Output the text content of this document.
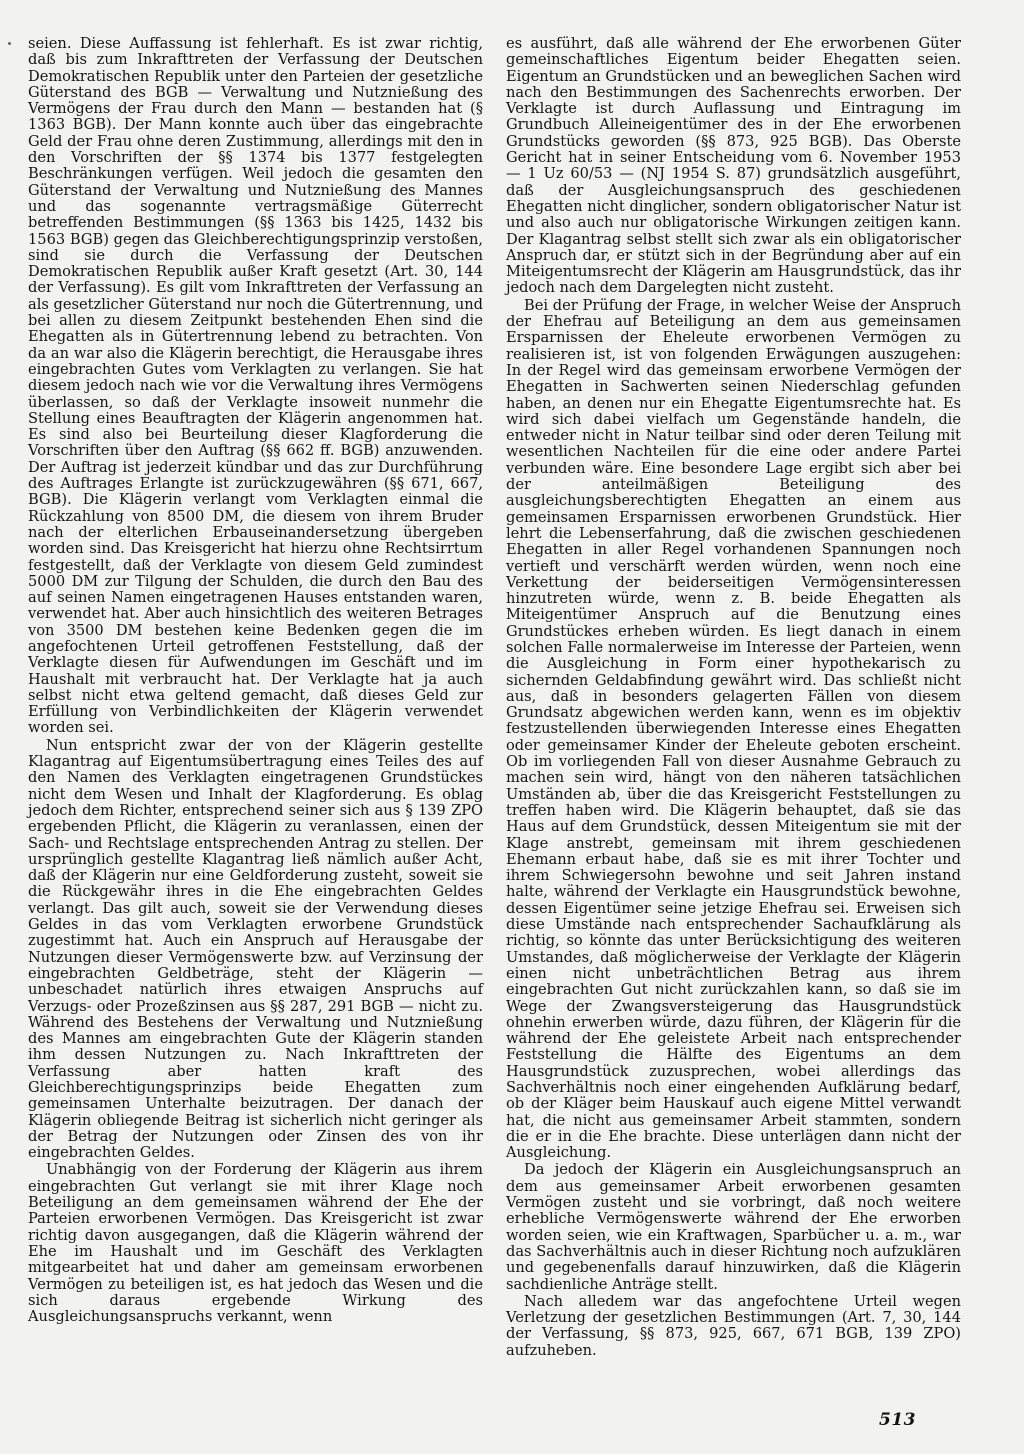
seien. Diese Auffassung ist fehlerhaft. Es ist zwar richtig, daß bis zum Inkrafttreten der Verfassung der Deutschen Demokratischen Republik unter den Parteien der gesetzliche Güterstand des BGB — Verwaltung und Nutznießung des Vermögens der Frau durch den Mann — bestanden hat (§ 1363 BGB). Der Mann konnte auch über das eingebrachte Geld der Frau ohne deren Zustimmung, allerdings mit den in den Vorschriften der §§ 1374 bis 1377 festgelegten Beschränkungen verfügen. Weil jedoch die gesamten den Güterstand der Verwaltung und Nutznießung des Mannes und das sogenannte vertragsmäßige Güterrecht betreffenden Bestimmungen (§§ 1363 bis 1425, 1432 bis 1563 BGB) gegen das Gleichberechtigungsprinzip verstoßen, sind sie durch die Verfassung der Deutschen Demokratischen Republik außer Kraft gesetzt (Art. 30, 144 der Verfassung). Es gilt vom Inkrafttreten der Verfassung an als gesetzlicher Güterstand nur noch die Gütertrennung, und bei allen zu diesem Zeitpunkt bestehenden Ehen sind die Ehegatten als in Gütertrennung lebend zu betrachten. Von da an war also die Klägerin berechtigt, die Herausgabe ihres eingebrachten Gutes vom Verklagten zu verlangen. Sie hat diesem jedoch nach wie vor die Verwaltung ihres Vermögens überlassen, so daß der Verklagte insoweit nunmehr die Stellung eines Beauftragten der Klägerin angenommen hat. Es sind also bei Beurteilung dieser Klagforderung die Vorschriften über den Auftrag (§§ 662 ff. BGB) anzuwenden. Der Auftrag ist jederzeit kündbar und das zur Durchführung des Auftrages Erlangte ist zurückzugewähren (§§ 671, 667, BGB). Die Klägerin verlangt vom Verklagten einmal die Rückzahlung von 8500 DM, die diesem von ihrem Bruder nach der elterlichen Erbauseinandersetzung übergeben worden sind. Das Kreisgericht hat hierzu ohne Rechtsirrtum festgestellt, daß der Verklagte von diesem Geld zumindest 5000 DM zur Tilgung der Schulden, die durch den Bau des auf seinen Namen eingetragenen Hauses entstanden waren, verwendet hat. Aber auch hinsichtlich des weiteren Betrages von 3500 DM bestehen keine Bedenken gegen die im angefochtenen Urteil getroffenen Feststellung, daß der Verklagte diesen für Aufwendungen im Geschäft und im Haushalt mit verbraucht hat. Der Verklagte hat ja auch selbst nicht etwa geltend gemacht, daß dieses Geld zur Erfüllung von Verbindlichkeiten der Klägerin verwendet worden sei.

Nun entspricht zwar der von der Klägerin gestellte Klagantrag auf Eigentumsübertragung eines Teiles des auf den Namen des Verklagten eingetragenen Grundstückes nicht dem Wesen und Inhalt der Klagforderung. Es oblag jedoch dem Richter, entsprechend seiner sich aus § 139 ZPO ergebenden Pflicht, die Klägerin zu veranlassen, einen der Sach- und Rechtslage entsprechenden Antrag zu stellen. Der ursprünglich gestellte Klagantrag ließ nämlich außer Acht, daß der Klägerin nur eine Geldforderung zusteht, soweit sie die Rückgewähr ihres in die Ehe eingebrachten Geldes verlangt. Das gilt auch, soweit sie der Verwendung dieses Geldes in das vom Verklagten erworbene Grundstück zugestimmt hat. Auch ein Anspruch auf Herausgabe der Nutzungen dieser Vermögenswerte bzw. auf Verzinsung der eingebrachten Geldbeträge, steht der Klägerin — unbeschadet natürlich ihres etwaigen Anspruchs auf Verzugs- oder Prozeßzinsen aus §§ 287, 291 BGB — nicht zu. Während des Bestehens der Verwaltung und Nutznießung des Mannes am eingebrachten Gute der Klägerin standen ihm dessen Nutzungen zu. Nach Inkrafttreten der Verfassung aber hatten kraft des Gleichberechtigungsprinzips beide Ehegatten zum gemeinsamen Unterhalte beizutragen. Der danach der Klägerin obliegende Beitrag ist sicherlich nicht geringer als der Betrag der Nutzungen oder Zinsen des von ihr eingebrachten Geldes.

Unabhängig von der Forderung der Klägerin aus ihrem eingebrachten Gut verlangt sie mit ihrer Klage noch Beteiligung an dem gemeinsamen während der Ehe der Parteien erworbenen Vermögen. Das Kreisgericht ist zwar richtig davon ausgegangen, daß die Klägerin während der Ehe im Haushalt und im Geschäft des Verklagten mitgearbeitet hat und daher am gemeinsam erworbenen Vermögen zu beteiligen ist, es hat jedoch das Wesen und die sich daraus ergebende Wirkung des Ausgleichungsanspruchs verkannt, wenn

es ausführt, daß alle während der Ehe erworbenen Güter gemeinschaftliches Eigentum beider Ehegatten seien. Eigentum an Grundstücken und an beweglichen Sachen wird nach den Bestimmungen des Sachenrechts erworben. Der Verklagte ist durch Auflassung und Eintragung im Grundbuch Alleineigentümer des in der Ehe erworbenen Grundstücks geworden (§§ 873, 925 BGB). Das Oberste Gericht hat in seiner Entscheidung vom 6. November 1953 — 1 Uz 60/53 — (NJ 1954 S. 87) grundsätzlich ausgeführt, daß der Ausgleichungsanspruch des geschiedenen Ehegatten nicht dinglicher, sondern obligatorischer Natur ist und also auch nur obligatorische Wirkungen zeitigen kann. Der Klagantrag selbst stellt sich zwar als ein obligatorischer Anspruch dar, er stützt sich in der Begründung aber auf ein Miteigentumsrecht der Klägerin am Hausgrundstück, das ihr jedoch nach dem Dargelegten nicht zusteht.

Bei der Prüfung der Frage, in welcher Weise der Anspruch der Ehefrau auf Beteiligung an dem aus gemeinsamen Ersparnissen der Eheleute erworbenen Vermögen zu realisieren ist, ist von folgenden Erwägungen auszugehen: In der Regel wird das gemeinsam erworbene Vermögen der Ehegatten in Sachwerten seinen Niederschlag gefunden haben, an denen nur ein Ehegatte Eigentumsrechte hat. Es wird sich dabei vielfach um Gegenstände handeln, die entweder nicht in Natur teilbar sind oder deren Teilung mit wesentlichen Nachteilen für die eine oder andere Partei verbunden wäre. Eine besondere Lage ergibt sich aber bei der anteilmäßigen Beteiligung des ausgleichungsberechtigten Ehegatten an einem aus gemeinsamen Ersparnissen erworbenen Grundstück. Hier lehrt die Lebenserfahrung, daß die zwischen geschiedenen Ehegatten in aller Regel vorhandenen Spannungen noch vertieft und verschärft werden würden, wenn noch eine Verkettung der beiderseitigen Vermögensinteressen hinzutreten würde, wenn z. B. beide Ehegatten als Miteigentümer Anspruch auf die Benutzung eines Grundstückes erheben würden. Es liegt danach in einem solchen Falle normalerweise im Interesse der Parteien, wenn die Ausgleichung in Form einer hypothekarisch zu sichernden Geldabfindung gewährt wird. Das schließt nicht aus, daß in besonders gelagerten Fällen von diesem Grundsatz abgewichen werden kann, wenn es im objektiv festzustellenden überwiegenden Interesse eines Ehegatten oder gemeinsamer Kinder der Eheleute geboten erscheint. Ob im vorliegenden Fall von dieser Ausnahme Gebrauch zu machen sein wird, hängt von den näheren tatsächlichen Umständen ab, über die das Kreisgericht Feststellungen zu treffen haben wird. Die Klägerin behauptet, daß sie das Haus auf dem Grundstück, dessen Miteigentum sie mit der Klage anstrebt, gemeinsam mit ihrem geschiedenen Ehemann erbaut habe, daß sie es mit ihrer Tochter und ihrem Schwiegersohn bewohne und seit Jahren instand halte, während der Verklagte ein Hausgrundstück bewohne, dessen Eigentümer seine jetzige Ehefrau sei. Erweisen sich diese Umstände nach entsprechender Sachaufklärung als richtig, so könnte das unter Berücksichtigung des weiteren Umstandes, daß möglicherweise der Verklagte der Klägerin einen nicht unbeträchtlichen Betrag aus ihrem eingebrachten Gut nicht zurückzahlen kann, so daß sie im Wege der Zwangsversteigerung das Hausgrundstück ohnehin erwerben würde, dazu führen, der Klägerin für die während der Ehe geleistete Arbeit nach entsprechender Feststellung die Hälfte des Eigentums an dem Hausgrundstück zuzusprechen, wobei allerdings das Sachverhältnis noch einer eingehenden Aufklärung bedarf, ob der Kläger beim Hauskauf auch eigene Mittel verwandt hat, die nicht aus gemeinsamer Arbeit stammten, sondern die er in die Ehe brachte. Diese unterlägen dann nicht der Ausgleichung.

Da jedoch der Klägerin ein Ausgleichungsanspruch an dem aus gemeinsamer Arbeit erworbenen gesamten Vermögen zusteht und sie vorbringt, daß noch weitere erhebliche Vermögenswerte während der Ehe erworben worden seien, wie ein Kraftwagen, Sparbücher u. a. m., war das Sachverhältnis auch in dieser Richtung noch aufzuklären und gegebenenfalls darauf hinzuwirken, daß die Klägerin sachdienliche Anträge stellt.

Nach alledem war das angefochtene Urteil wegen Verletzung der gesetzlichen Bestimmungen (Art. 7, 30, 144 der Verfassung, §§ 873, 925, 667, 671 BGB, 139 ZPO) aufzuheben.

513
